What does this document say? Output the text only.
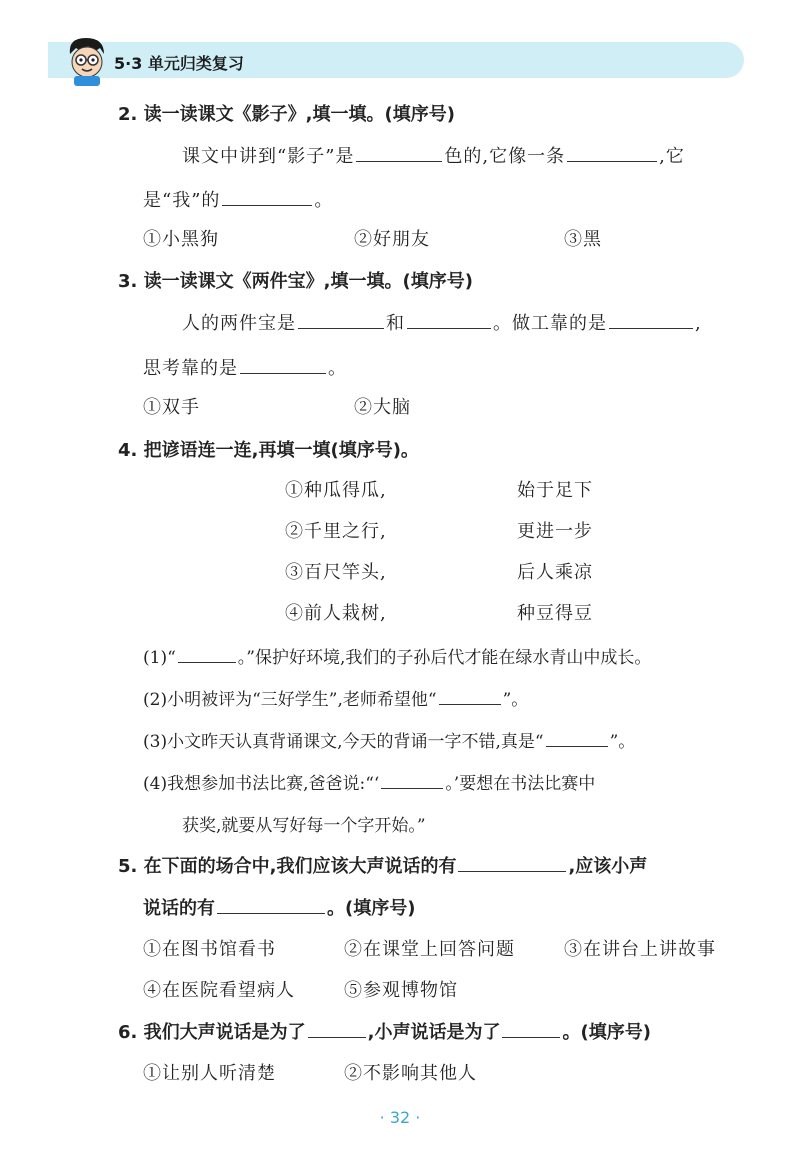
5·3 单元归类复习
2. 读一读课文《影子》,填一填。(填序号)
课文中讲到“影子”是	色的,它像一条	,它
是“我”的	。
①小黑狗	②好朋友	③黑
3. 读一读课文《两件宝》,填一填。(填序号)
人的两件宝是	和	。做工靠的是	,
思考靠的是	。
①双手	②大脑
4. 把谚语连一连,再填一填(填序号)。
①种瓜得瓜,	始于足下
②千里之行,	更进一步
③百尺竿头,	后人乘凉
④前人栽树,	种豆得豆
(1)“	。”保护好环境,我们的子孙后代才能在绿水青山中成长。
(2)小明被评为“三好学生”,老师希望他“	”。
(3)小文昨天认真背诵课文,今天的背诵一字不错,真是“	”。
(4)我想参加书法比赛,爸爸说:“‘	。’要想在书法比赛中
获奖,就要从写好每一个字开始。”
5. 在下面的场合中,我们应该大声说话的有	,应该小声
说话的有	。(填序号)
①在图书馆看书	②在课堂上回答问题	③在讲台上讲故事
④在医院看望病人	⑤参观博物馆
6. 我们大声说话是为了	,小声说话是为了	。(填序号)
①让别人听清楚	②不影响其他人
· 32 ·
